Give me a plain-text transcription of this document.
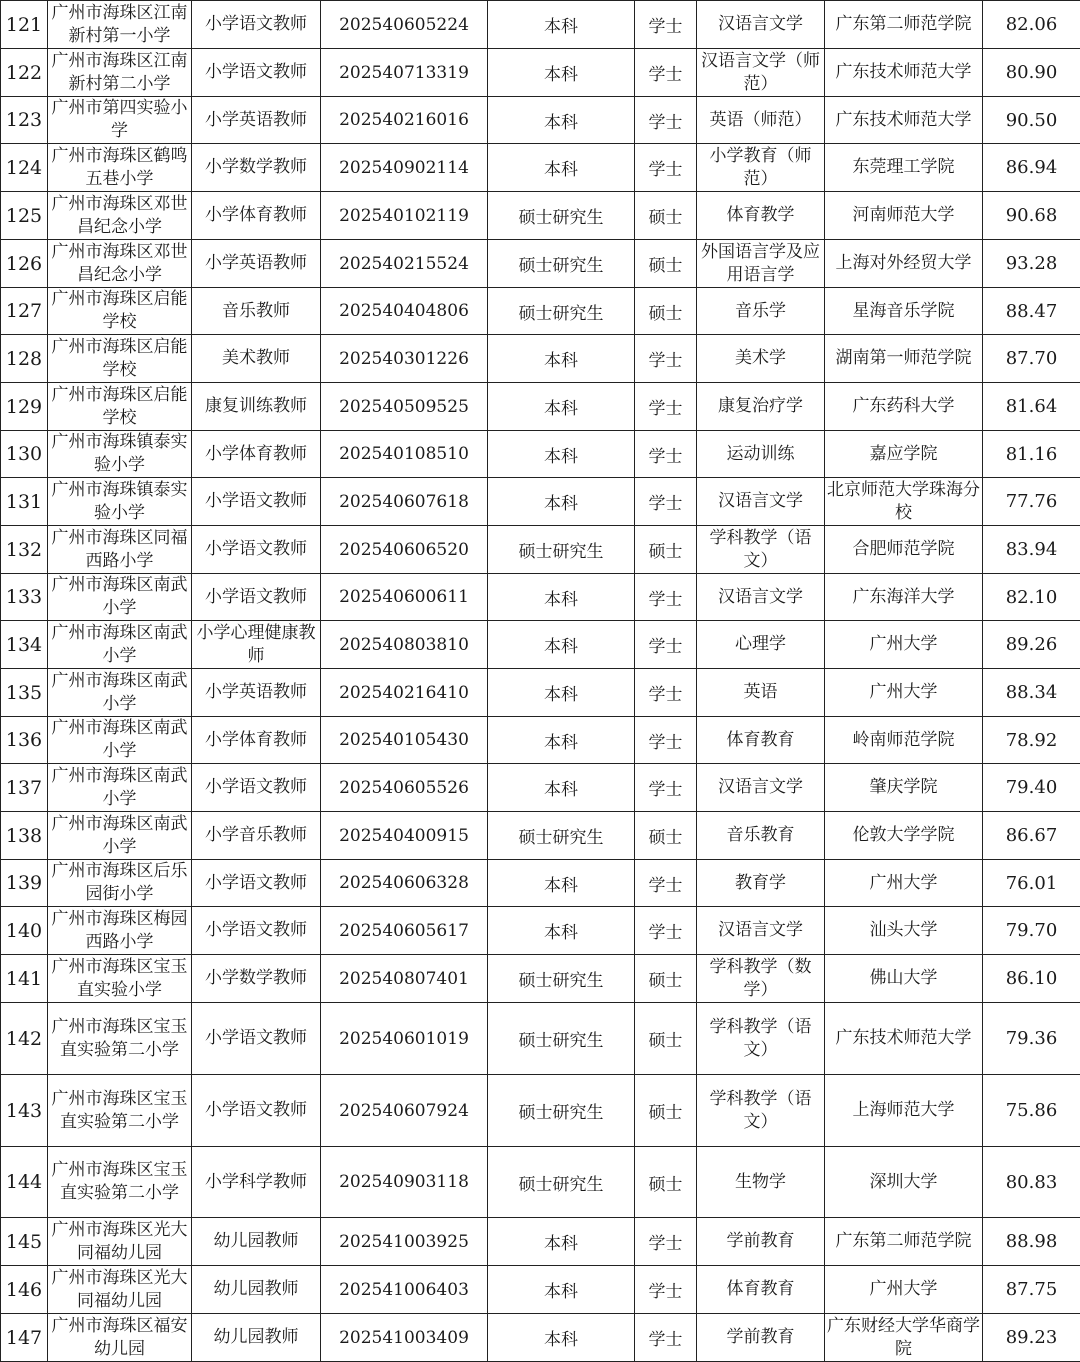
121	广州市海珠区江南新村第一小学	小学语文教师	202540605224	本科	学士	汉语言文学	广东第二师范学院	82.06
122	广州市海珠区江南新村第二小学	小学语文教师	202540713319	本科	学士	汉语言文学（师范）	广东技术师范大学	80.90
123	广州市第四实验小学	小学英语教师	202540216016	本科	学士	英语（师范）	广东技术师范大学	90.50
124	广州市海珠区鹤鸣五巷小学	小学数学教师	202540902114	本科	学士	小学教育（师范）	东莞理工学院	86.94
125	广州市海珠区邓世昌纪念小学	小学体育教师	202540102119	硕士研究生	硕士	体育教学	河南师范大学	90.68
126	广州市海珠区邓世昌纪念小学	小学英语教师	202540215524	硕士研究生	硕士	外国语言学及应用语言学	上海对外经贸大学	93.28
127	广州市海珠区启能学校	音乐教师	202540404806	硕士研究生	硕士	音乐学	星海音乐学院	88.47
128	广州市海珠区启能学校	美术教师	202540301226	本科	学士	美术学	湖南第一师范学院	87.70
129	广州市海珠区启能学校	康复训练教师	202540509525	本科	学士	康复治疗学	广东药科大学	81.64
130	广州市海珠镇泰实验小学	小学体育教师	202540108510	本科	学士	运动训练	嘉应学院	81.16
131	广州市海珠镇泰实验小学	小学语文教师	202540607618	本科	学士	汉语言文学	北京师范大学珠海分校	77.76
132	广州市海珠区同福西路小学	小学语文教师	202540606520	硕士研究生	硕士	学科教学（语文）	合肥师范学院	83.94
133	广州市海珠区南武小学	小学语文教师	202540600611	本科	学士	汉语言文学	广东海洋大学	82.10
134	广州市海珠区南武小学	小学心理健康教师	202540803810	本科	学士	心理学	广州大学	89.26
135	广州市海珠区南武小学	小学英语教师	202540216410	本科	学士	英语	广州大学	88.34
136	广州市海珠区南武小学	小学体育教师	202540105430	本科	学士	体育教育	岭南师范学院	78.92
137	广州市海珠区南武小学	小学语文教师	202540605526	本科	学士	汉语言文学	肇庆学院	79.40
138	广州市海珠区南武小学	小学音乐教师	202540400915	硕士研究生	硕士	音乐教育	伦敦大学学院	86.67
139	广州市海珠区后乐园街小学	小学语文教师	202540606328	本科	学士	教育学	广州大学	76.01
140	广州市海珠区梅园西路小学	小学语文教师	202540605617	本科	学士	汉语言文学	汕头大学	79.70
141	广州市海珠区宝玉直实验小学	小学数学教师	202540807401	硕士研究生	硕士	学科教学（数学）	佛山大学	86.10
142	广州市海珠区宝玉直实验第二小学	小学语文教师	202540601019	硕士研究生	硕士	学科教学（语文）	广东技术师范大学	79.36
143	广州市海珠区宝玉直实验第二小学	小学语文教师	202540607924	硕士研究生	硕士	学科教学（语文）	上海师范大学	75.86
144	广州市海珠区宝玉直实验第二小学	小学科学教师	202540903118	硕士研究生	硕士	生物学	深圳大学	80.83
145	广州市海珠区光大同福幼儿园	幼儿园教师	202541003925	本科	学士	学前教育	广东第二师范学院	88.98
146	广州市海珠区光大同福幼儿园	幼儿园教师	202541006403	本科	学士	体育教育	广州大学	87.75
147	广州市海珠区福安幼儿园	幼儿园教师	202541003409	本科	学士	学前教育	广东财经大学华商学院	89.23
